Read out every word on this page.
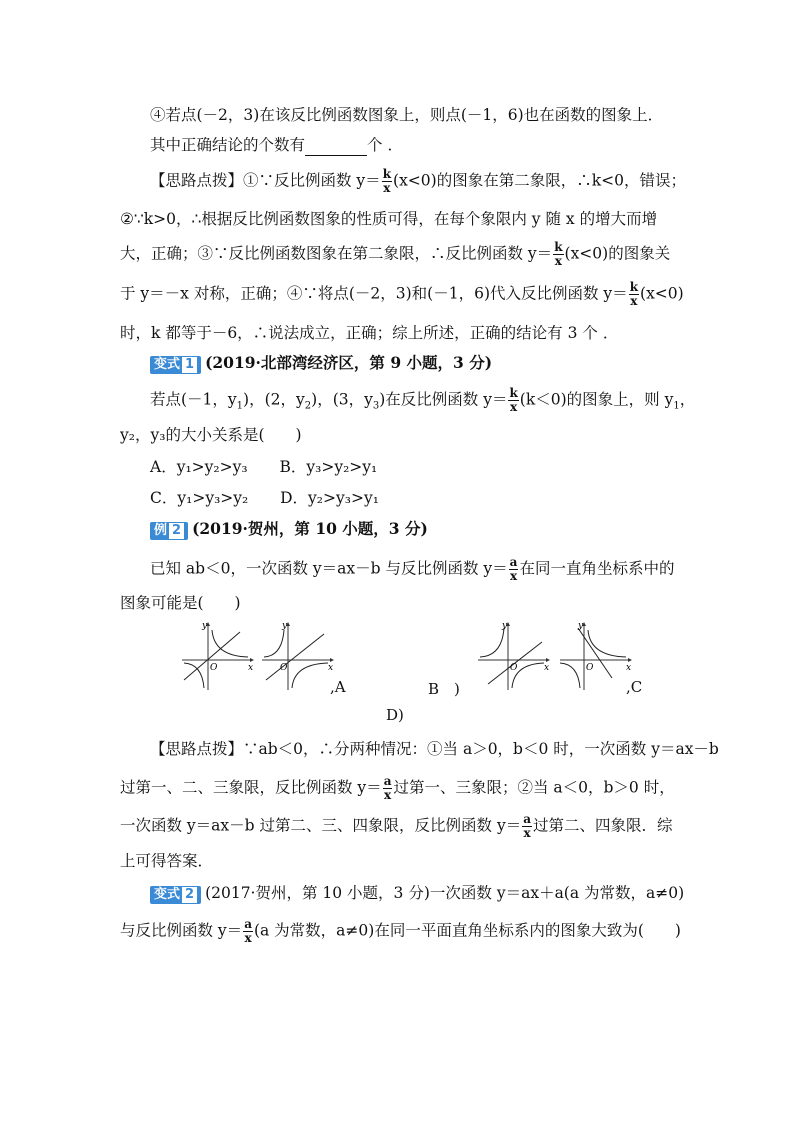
④若点(－2，3)在该反比例函数图象上，则点(－1，6)也在函数的图象上．
其中正确结论的个数有	个 ．
【思路点拨】①∵反比例函数 $y= \frac{k}{x} (x<0)$的图象在第二象限，∴k<0，错误；
②∵k>0，∴根据反比例函数图象的性质可得，在每个象限内 y 随 x 的增大而增
大，正确；③∵反比例函数图象在第二象限，∴反比例函数 $y= \frac{k}{x} (x<0)$的图象关
于 y＝－x 对称，正确；④∵将点(－2，3)和(－1，6)代入反比例函数 $y= \frac{k}{x} (x<0)$
时，k 都等于－6，∴说法成立，正确；综上所述，正确的结论有 3 个 ．
变式 1 (2019·北部湾经济区，第 9 小题，3 分)
若点(－1，$y_1$)，(2，$y_2$)，(3，$y_3$)在反比例函数 $y= \frac{k}{x} (k<0)$的图象上，则 $y_1$，
y₂，y₃的大小关系是(　　)
A．y₁>y₂>y₃ B．y₃>y₂>y₁
C．y₁>y₃>y₂ D．y₂>y₃>y₁
例 2 (2019·贺州，第 10 小题，3 分)
已知 ab＜0，一次函数 y＝ax－b 与反比例函数 $y= \frac{a}{x}$ 在同一直角坐标系中的
图象可能是(　　)
y
x
O
y
x
O
y
x
O
y
x
O
,A	B　)	,C
D)
【思路点拨】∵ab＜0，∴分两种情况：①当 a＞0，b＜0 时，一次函数 y＝ax－b
过第一、二、三象限，反比例函数 $y= \frac{a}{x}$ 过第一、三象限；②当 a＜0，b＞0 时，
一次函数 y＝ax－b 过第二、三、四象限，反比例函数 $y= \frac{a}{x}$ 过第二、四象限．综
上可得答案．
变式 2 (2017·贺州，第 10 小题，3 分)一次函数 y＝ax＋a(a 为常数，a≠0)
与反比例函数 $y= \frac{a}{x} (a$ 为常数，a≠0)在同一平面直角坐标系内的图象大致为(　　)
